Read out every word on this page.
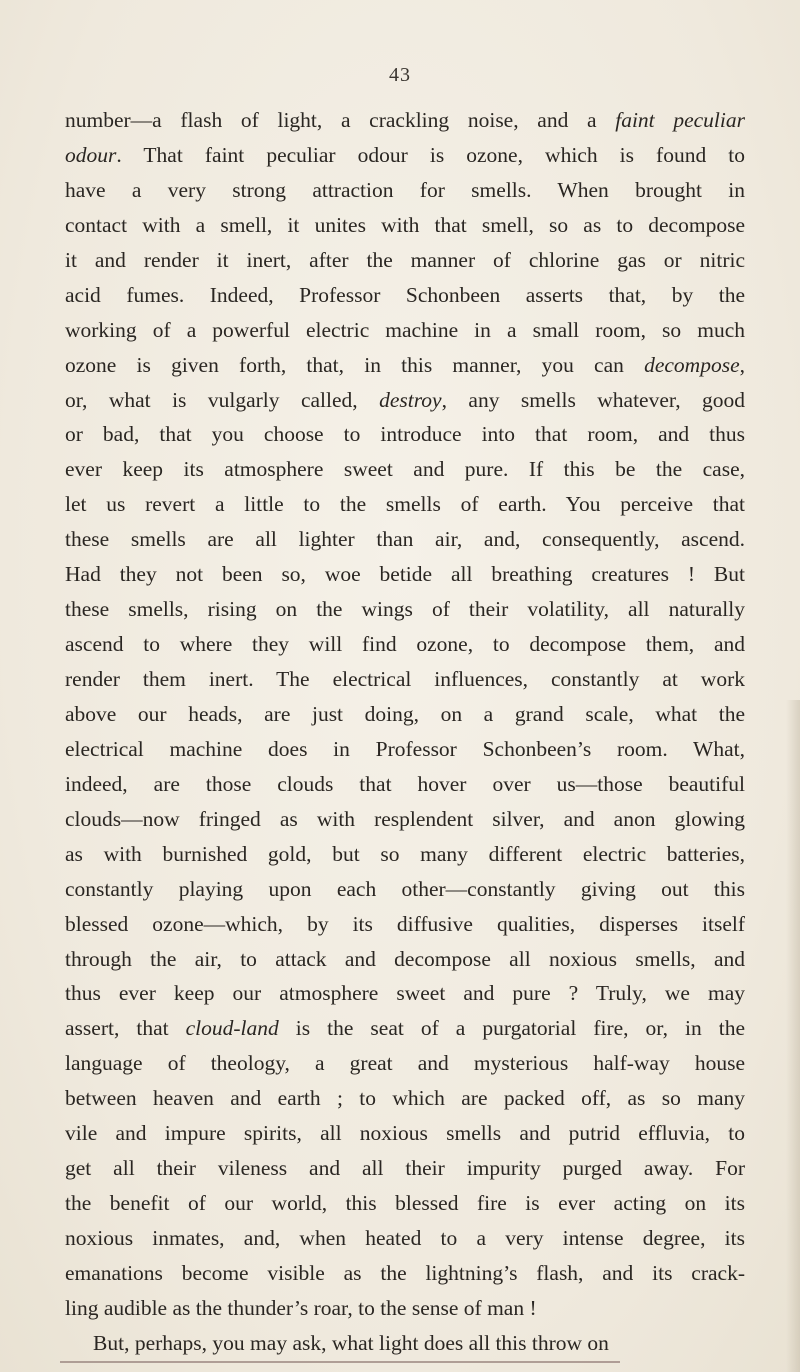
43
number—a flash of light, a crackling noise, and a faint peculiar
odour. That faint peculiar odour is ozone, which is found to
have a very strong attraction for smells. When brought in
contact with a smell, it unites with that smell, so as to decompose
it and render it inert, after the manner of chlorine gas or nitric
acid fumes. Indeed, Professor Schonbeen asserts that, by the
working of a powerful electric machine in a small room, so much
ozone is given forth, that, in this manner, you can decompose,
or, what is vulgarly called, destroy, any smells whatever, good
or bad, that you choose to introduce into that room, and thus
ever keep its atmosphere sweet and pure. If this be the case,
let us revert a little to the smells of earth. You perceive that
these smells are all lighter than air, and, consequently, ascend.
Had they not been so, woe betide all breathing creatures ! But
these smells, rising on the wings of their volatility, all naturally
ascend to where they will find ozone, to decompose them, and
render them inert. The electrical influences, constantly at work
above our heads, are just doing, on a grand scale, what the
electrical machine does in Professor Schonbeen’s room. What,
indeed, are those clouds that hover over us—those beautiful
clouds—now fringed as with resplendent silver, and anon glowing
as with burnished gold, but so many different electric batteries,
constantly playing upon each other—constantly giving out this
blessed ozone—which, by its diffusive qualities, disperses itself
through the air, to attack and decompose all noxious smells, and
thus ever keep our atmosphere sweet and pure ? Truly, we may
assert, that cloud-land is the seat of a purgatorial fire, or, in the
language of theology, a great and mysterious half-way house
between heaven and earth ; to which are packed off, as so many
vile and impure spirits, all noxious smells and putrid effluvia, to
get all their vileness and all their impurity purged away. For
the benefit of our world, this blessed fire is ever acting on its
noxious inmates, and, when heated to a very intense degree, its
emanations become visible as the lightning’s flash, and its crack-
ling audible as the thunder’s roar, to the sense of man !
But, perhaps, you may ask, what light does all this throw on
